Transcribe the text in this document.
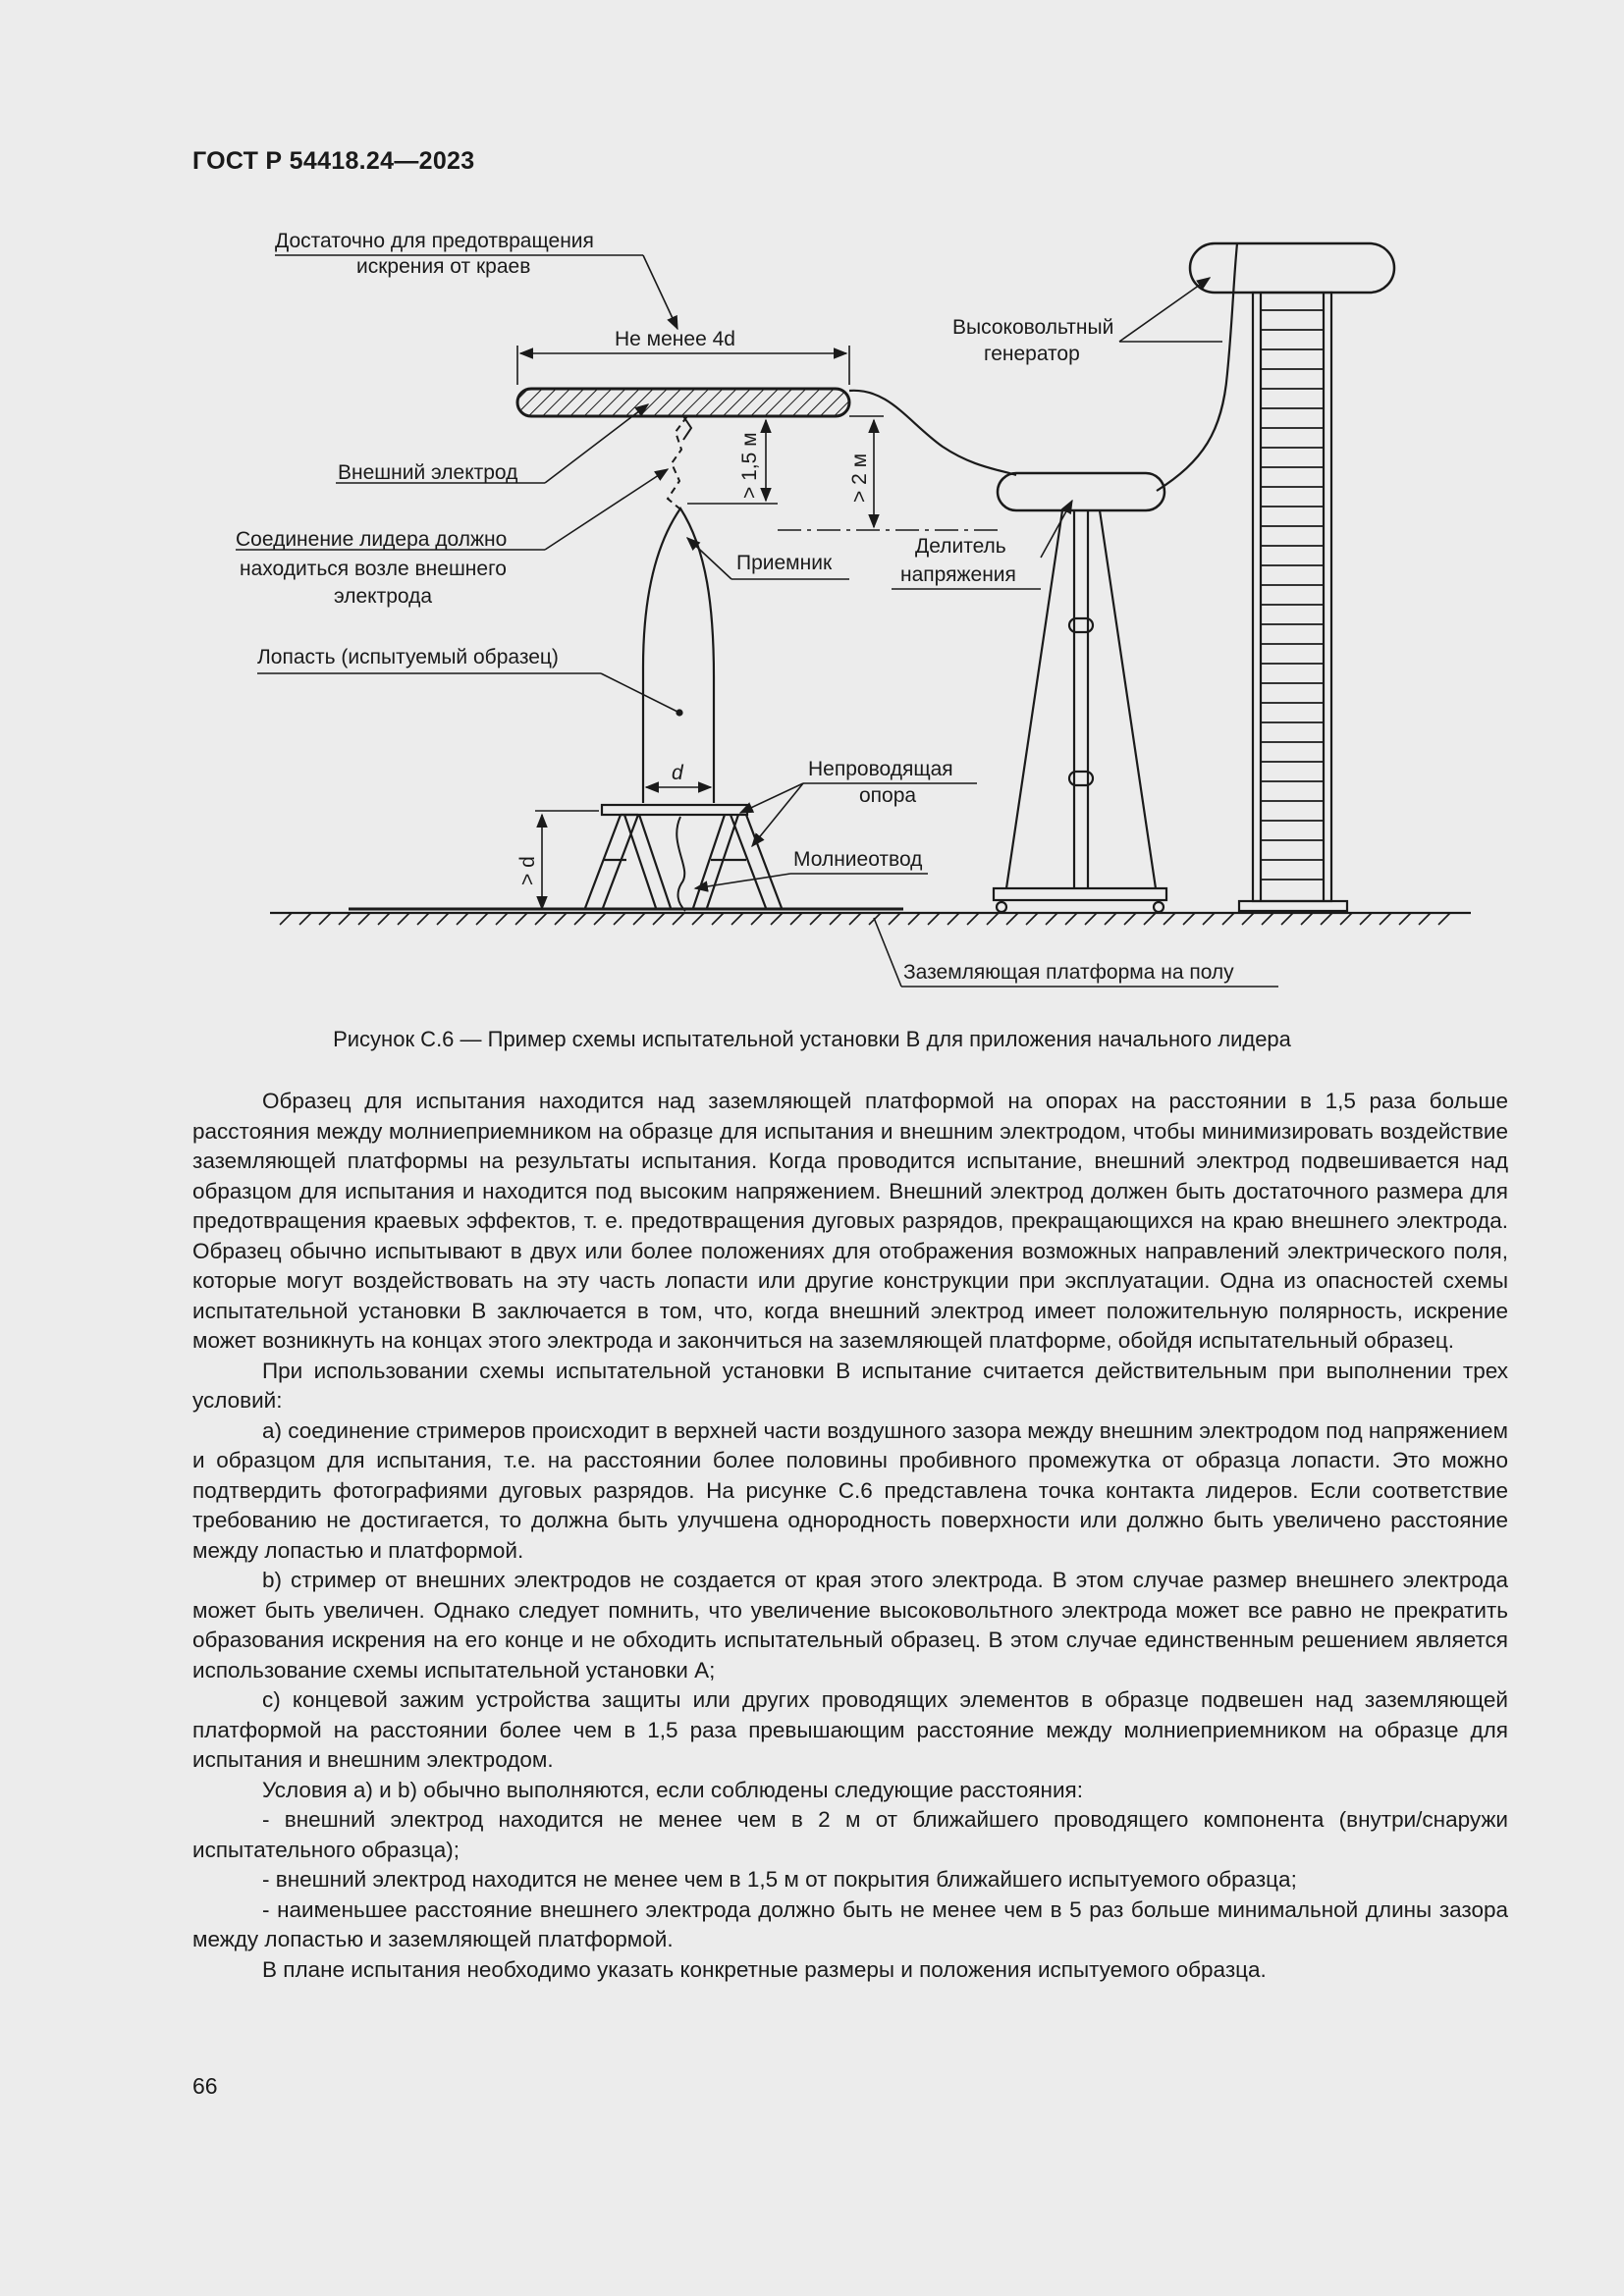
ГОСТ Р 54418.24—2023
Достаточно для предотвращения
искрения от краев
Не менее 4d
Высоковольтный
генератор
Внешний электрод
Соединение лидера должно
находиться возле внешнего
электрода
Приемник
Делитель
напряжения
Лопасть (испытуемый образец)
Непроводящая
опора
Молниеотвод
Заземляющая платформа на полу
d
> 1,5 м	> 2 м
> d
Рисунок С.6 — Пример схемы испытательной установки В для приложения начального лидера

Образец для испытания находится над заземляющей платформой на опорах на расстоянии в 1,5 раза больше расстояния между молниеприемником на образце для испытания и внешним электродом, чтобы минимизировать воздействие заземляющей платформы на результаты испытания. Когда проводится испытание, внешний электрод подвешивается над образцом для испытания и находится под высоким напряжением. Внешний электрод должен быть достаточного размера для предотвращения краевых эффектов, т. е. предотвращения дуговых разрядов, прекращающихся на краю внешнего электрода. Образец обычно испытывают в двух или более положениях для отображения возможных направлений электрического поля, которые могут воздействовать на эту часть лопасти или другие конструкции при эксплуатации. Одна из опасностей схемы испытательной установки В заключается в том, что, когда внешний электрод имеет положительную полярность, искрение может возникнуть на концах этого электрода и закончиться на заземляющей платформе, обойдя испытательный образец.

При использовании схемы испытательной установки В испытание считается действительным при выполнении трех условий:

a) соединение стримеров происходит в верхней части воздушного зазора между внешним электродом под напряжением и образцом для испытания, т.е. на расстоянии более половины пробивного промежутка от образца лопасти. Это можно подтвердить фотографиями дуговых разрядов. На рисунке С.6 представлена точка контакта лидеров. Если соответствие требованию не достигается, то должна быть улучшена однородность поверхности или должно быть увеличено расстояние между лопастью и платформой.

b) стример от внешних электродов не создается от края этого электрода. В этом случае размер внешнего электрода может быть увеличен. Однако следует помнить, что увеличение высоковольтного электрода может все равно не прекратить образования искрения на его конце и не обходить испытательный образец. В этом случае единственным решением является использование схемы испытательной установки А;

c) концевой зажим устройства защиты или других проводящих элементов в образце подвешен над заземляющей платформой на расстоянии более чем в 1,5 раза превышающим расстояние между молниеприемником на образце для испытания и внешним электродом.

Условия a) и b) обычно выполняются, если соблюдены следующие расстояния:

- внешний электрод находится не менее чем в 2 м от ближайшего проводящего компонента (внутри/снаружи испытательного образца);

- внешний электрод находится не менее чем в 1,5 м от покрытия ближайшего испытуемого образца;

- наименьшее расстояние внешнего электрода должно быть не менее чем в 5 раз больше минимальной длины зазора между лопастью и заземляющей платформой.

В плане испытания необходимо указать конкретные размеры и положения испытуемого образца.

66
